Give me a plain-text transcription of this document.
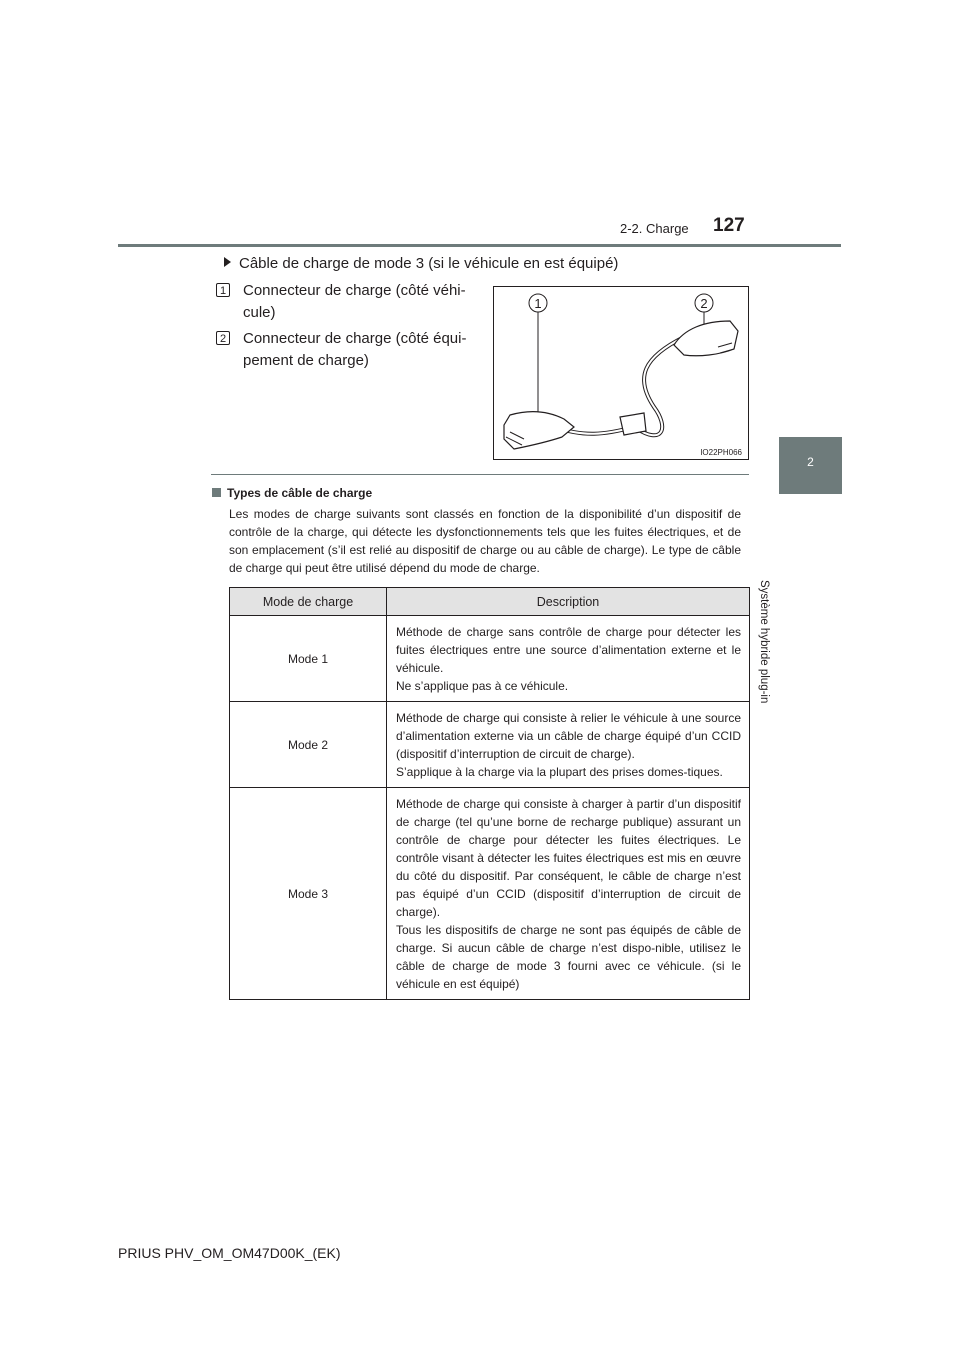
2-2. Charge 127
2
Système hybride plug-in
Câble de charge de mode 3 (si le véhicule en est équipé)
1 Connecteur de charge (côté véhi-
cule)
2 Connecteur de charge (côté équi-
pement de charge)
1	2
IO22PH066
Types de câble de charge
Les modes de charge suivants sont classés en fonction de la disponibilité d’un dispositif de contrôle de la charge, qui détecte les dysfonctionnements tels que les fuites électriques, et de son emplacement (s’il est relié au dispositif de charge ou au câble de charge). Le type de câble de charge qui peut être utilisé dépend du mode de charge.
Mode de charge	Description
Mode 1	Méthode de charge sans contrôle de charge pour détecter les fuites électriques entre une source d’alimentation externe et le véhicule.
Ne s’applique pas à ce véhicule.
Mode 2	Méthode de charge qui consiste à relier le véhicule à une source d’alimentation externe via un câble de charge équipé d’un CCID (dispositif d’interruption de circuit de charge).
S’applique à la charge via la plupart des prises domes-tiques.
Mode 3	Méthode de charge qui consiste à charger à partir d’un dispositif de charge (tel qu’une borne de recharge publique) assurant un contrôle de charge pour détecter les fuites électriques. Le contrôle visant à détecter les fuites électriques est mis en œuvre du côté du dispositif. Par conséquent, le câble de charge n’est pas équipé d’un CCID (dispositif d’interruption de circuit de charge).
Tous les dispositifs de charge ne sont pas équipés de câble de charge. Si aucun câble de charge n’est dispo-nible, utilisez le câble de charge de mode 3 fourni avec ce véhicule. (si le véhicule en est équipé)
PRIUS PHV_OM_OM47D00K_(EK)
